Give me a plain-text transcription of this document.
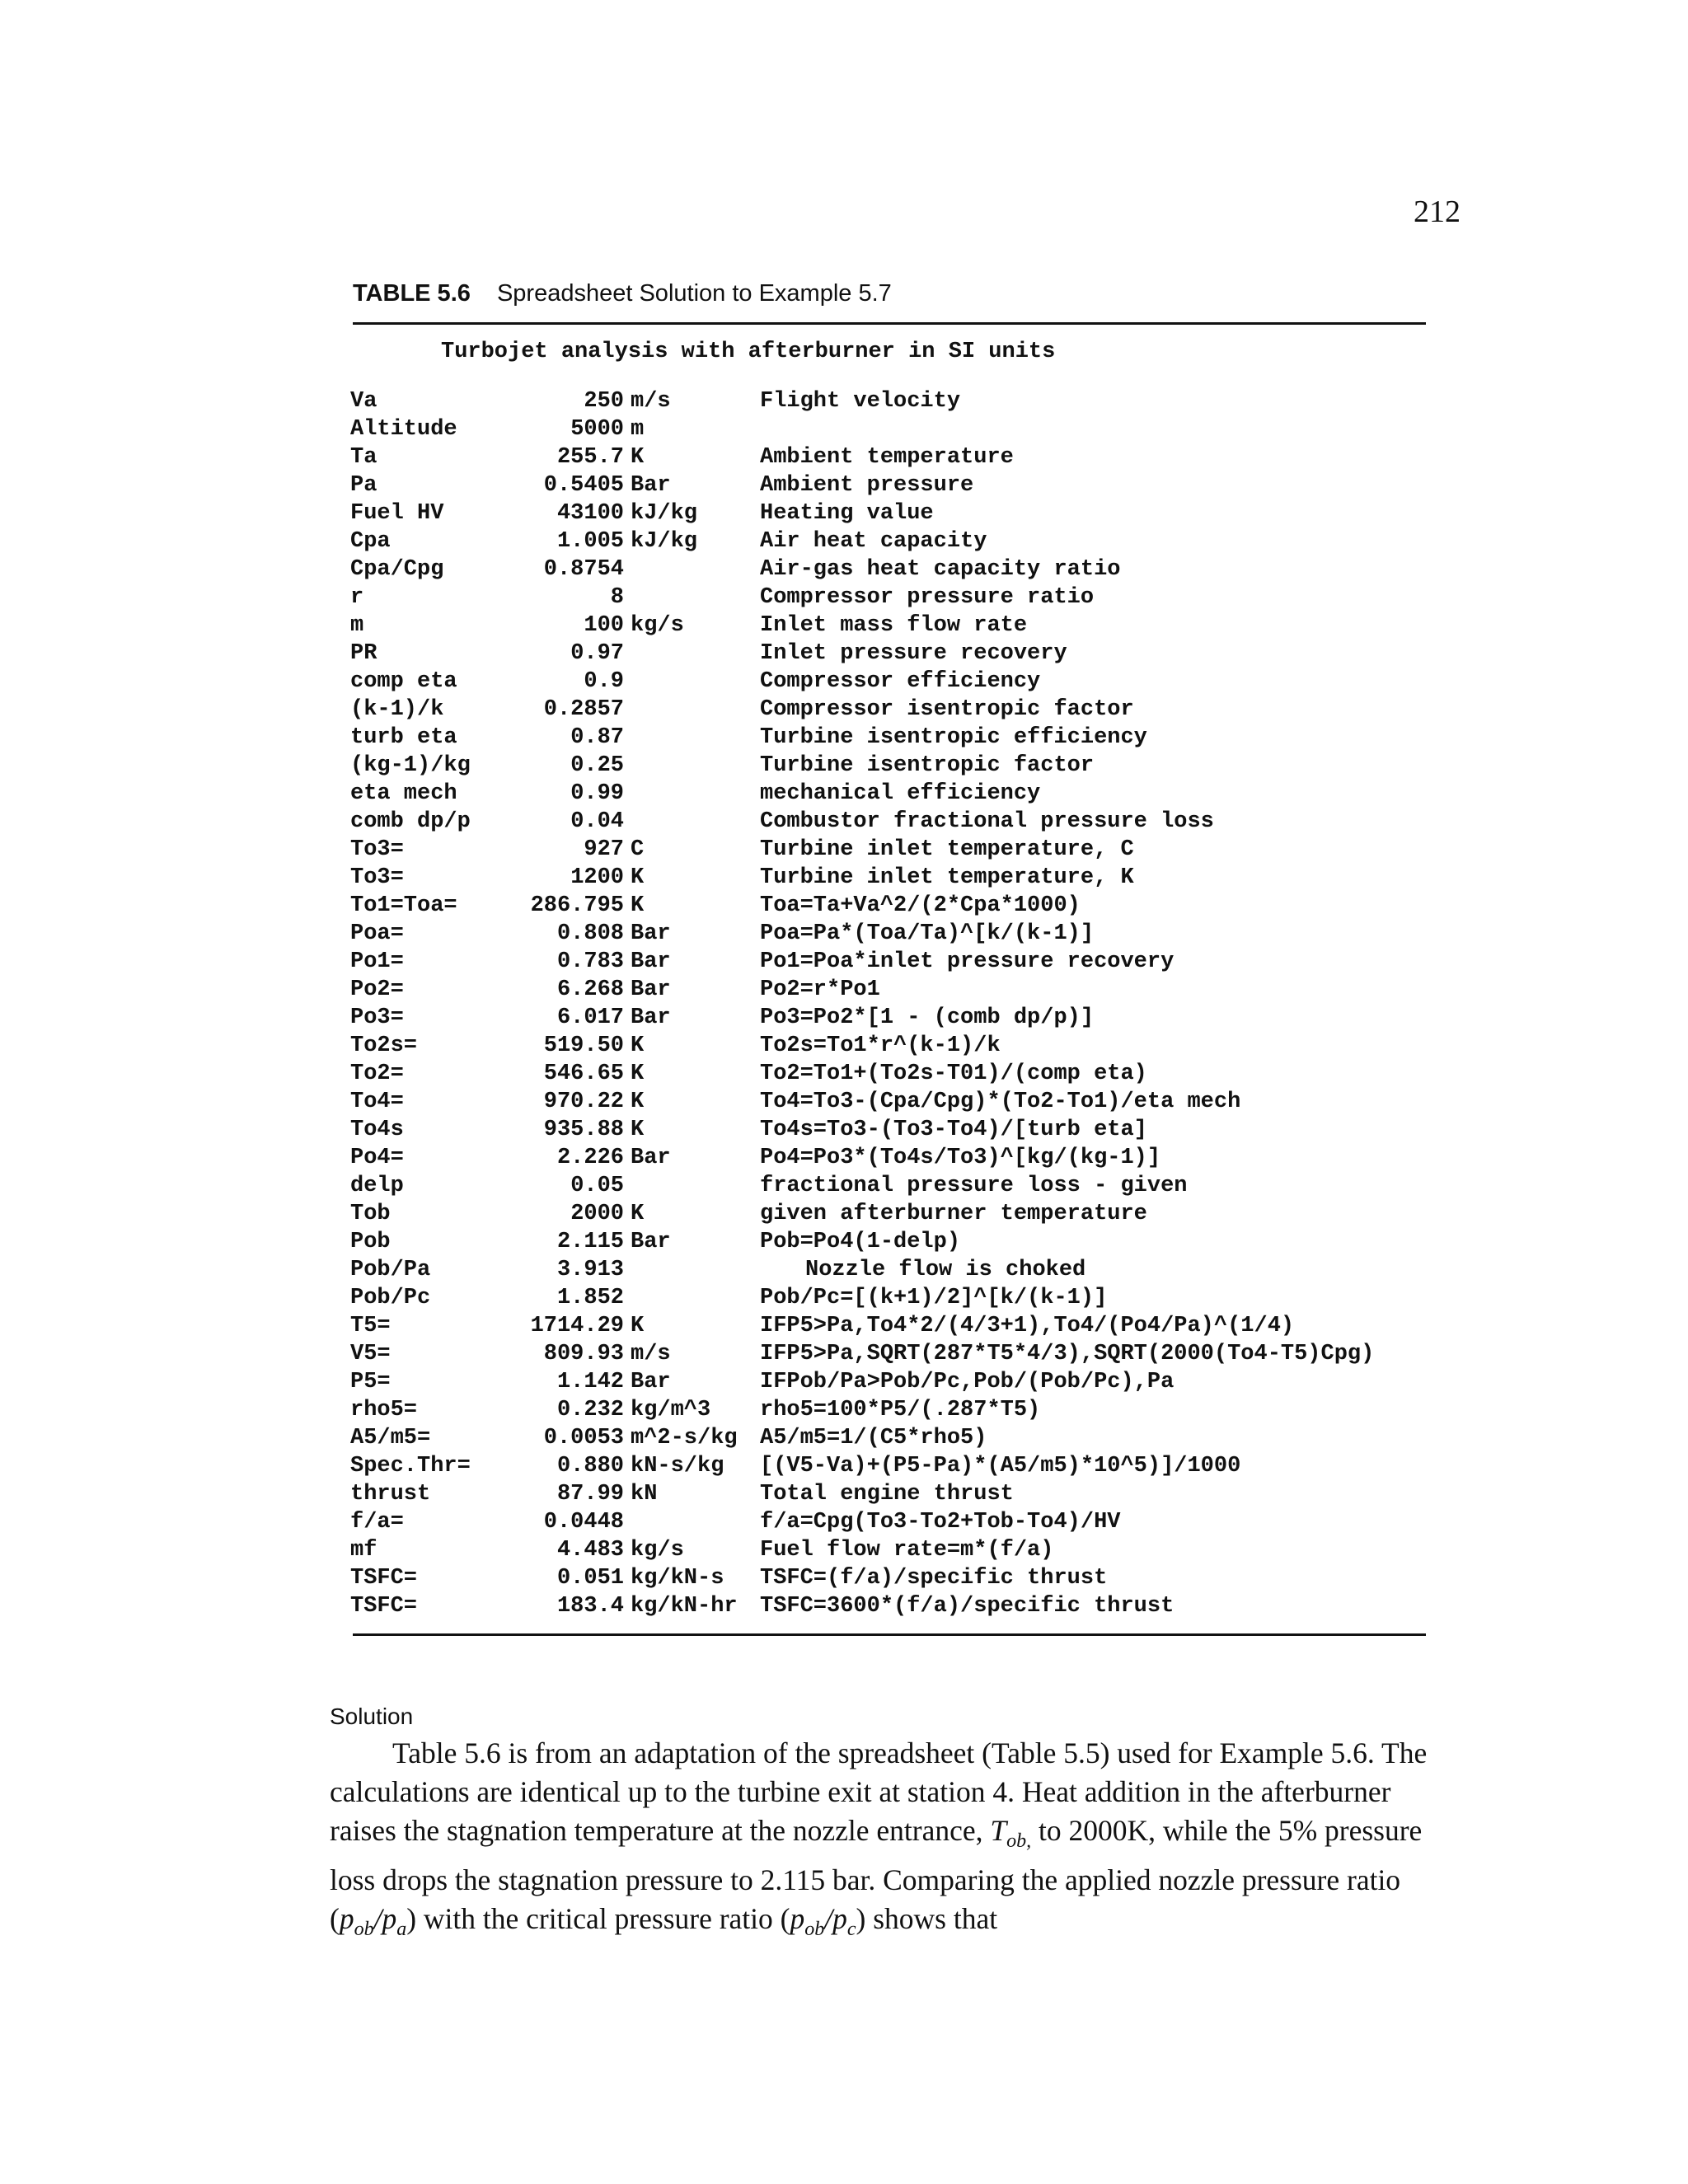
212
TABLE 5.6 Spreadsheet Solution to Example 5.7
Turbojet analysis with afterburner in SI units
Va	250 m/s	Flight velocity
Altitude	5000 m
Ta	255.7 K	Ambient temperature
Pa	0.5405 Bar	Ambient pressure
Fuel HV	43100 kJ/kg	Heating value
Cpa	1.005 kJ/kg	Air heat capacity
Cpa/Cpg	0.8754	Air-gas heat capacity ratio
r	8	Compressor pressure ratio
m	100 kg/s	Inlet mass flow rate
PR	0.97	Inlet pressure recovery
comp eta	0.9	Compressor efficiency
(k-1)/k	0.2857	Compressor isentropic factor
turb eta	0.87	Turbine isentropic efficiency
(kg-1)/kg	0.25	Turbine isentropic factor
eta mech	0.99	mechanical efficiency
comb dp/p	0.04	Combustor fractional pressure loss
To3=	927 C	Turbine inlet temperature, C
To3=	1200 K	Turbine inlet temperature, K
To1=Toa=	286.795 K	Toa=Ta+Va^2/(2*Cpa*1000)
Poa=	0.808 Bar	Poa=Pa*(Toa/Ta)^[k/(k-1)]
Po1=	0.783 Bar	Po1=Poa*inlet pressure recovery
Po2=	6.268 Bar	Po2=r*Po1
Po3=	6.017 Bar	Po3=Po2*[1 - (comb dp/p)]
To2s=	519.50 K	To2s=To1*r^(k-1)/k
To2=	546.65 K	To2=To1+(To2s-T01)/(comp eta)
To4=	970.22 K	To4=To3-(Cpa/Cpg)*(To2-To1)/eta mech
To4s	935.88 K	To4s=To3-(To3-To4)/[turb eta]
Po4=	2.226 Bar	Po4=Po3*(To4s/To3)^[kg/(kg-1)]
delp	0.05	fractional pressure loss - given
Tob	2000 K	given afterburner temperature
Pob	2.115 Bar	Pob=Po4(1-delp)
Pob/Pa	3.913	Nozzle flow is choked
Pob/Pc	1.852	Pob/Pc=[(k+1)/2]^[k/(k-1)]
T5=	1714.29 K	IFP5>Pa,To4*2/(4/3+1),To4/(Po4/Pa)^(1/4)
V5=	809.93 m/s	IFP5>Pa,SQRT(287*T5*4/3),SQRT(2000(To4-T5)Cpg)
P5=	1.142 Bar	IFPob/Pa>Pob/Pc,Pob/(Pob/Pc),Pa
rho5=	0.232 kg/m^3 rho5=100*P5/(.287*T5)
A5/m5=	0.0053 m^2-s/kg A5/m5=1/(C5*rho5)
Spec.Thr=	0.880 kN-s/kg [(V5-Va)+(P5-Pa)*(A5/m5)*10^5)]/1000
thrust	87.99 kN	Total engine thrust
f/a=	0.0448	f/a=Cpg(To3-To2+Tob-To4)/HV
mf	4.483 kg/s	Fuel flow rate=m*(f/a)
TSFC=	0.051 kg/kN-s TSFC=(f/a)/specific thrust
TSFC=	183.4 kg/kN-hr TSFC=3600*(f/a)/specific thrust
Solution

Table 5.6 is from an adaptation of the spreadsheet (Table 5.5) used for Example 5.6. The calculations are identical up to the turbine exit at station 4. Heat addition in the afterburner raises the stagnation temperature at the nozzle entrance, $T_{ob,}$ to 2000K, while the 5% pressure loss drops the stagnation pressure to 2.115 bar. Comparing the applied nozzle pressure ratio $(p_{ob}/p_a)$ with the critical pressure ratio $(p_{ob}/p_c)$ shows that
